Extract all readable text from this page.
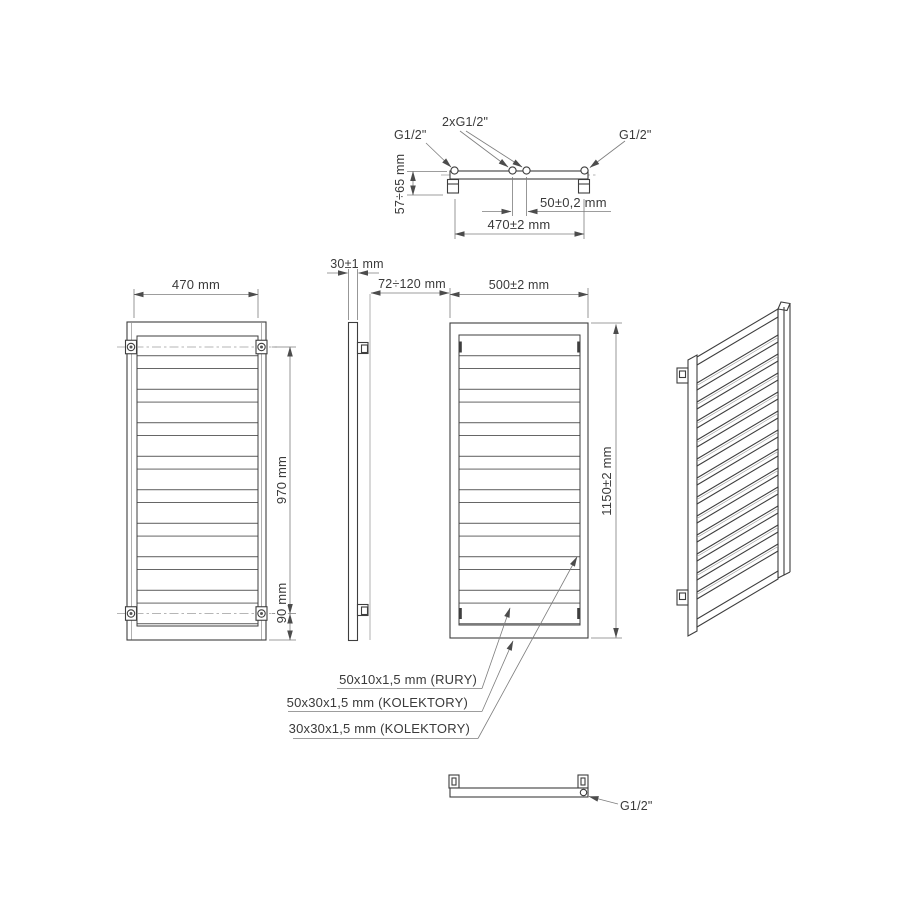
G1/2"
2xG1/2"
G1/2"
57÷65 mm	50±0,2 mm
470±2 mm
470 mm
970 mm
90 mm
30±1 mm
72÷120 mm	500±2 mm
1150±2 mm
50x10x1,5 mm (RURY)
50x30x1,5 mm (KOLEKTORY)
30x30x1,5 mm (KOLEKTORY)
G1/2"
